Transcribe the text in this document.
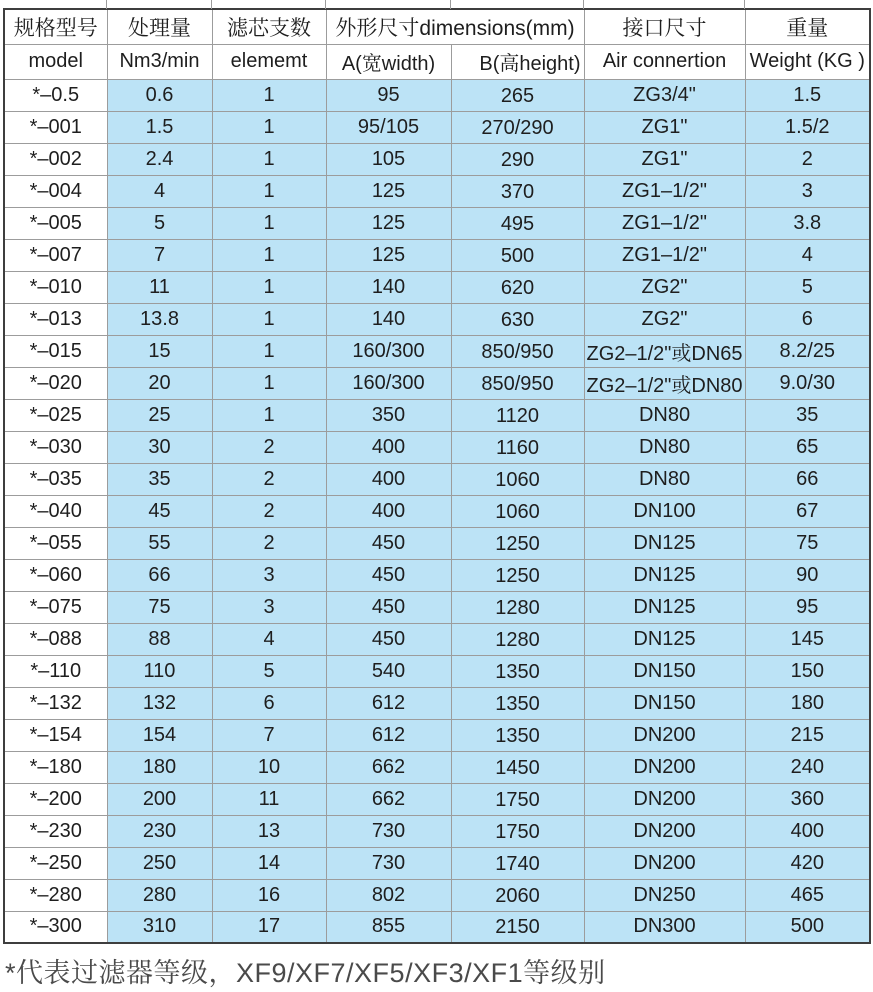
规格型号	处理量	滤芯支数	外形尺寸dimensions(mm)		接口尺寸	重量
model	Nm3/min	elememt	A(宽width)	B(高height)	Air connertion	Weight (KG )
*–0.5	0.6	1	95	265	ZG3/4"	1.5
*–001	1.5	1	95/105	270/290	ZG1"	1.5/2
*–002	2.4	1	105	290	ZG1"	2
*–004	4	1	125	370	ZG1–1/2"	3
*–005	5	1	125	495	ZG1–1/2"	3.8
*–007	7	1	125	500	ZG1–1/2"	4
*–010	11	1	140	620	ZG2"	5
*–013	13.8	1	140	630	ZG2"	6
*–015	15	1	160/300	850/950	ZG2–1/2"或DN65	8.2/25
*–020	20	1	160/300	850/950	ZG2–1/2"或DN80	9.0/30
*–025	25	1	350	1120	DN80	35
*–030	30	2	400	1160	DN80	65
*–035	35	2	400	1060	DN80	66
*–040	45	2	400	1060	DN100	67
*–055	55	2	450	1250	DN125	75
*–060	66	3	450	1250	DN125	90
*–075	75	3	450	1280	DN125	95
*–088	88	4	450	1280	DN125	145
*–110	110	5	540	1350	DN150	150
*–132	132	6	612	1350	DN150	180
*–154	154	7	612	1350	DN200	215
*–180	180	10	662	1450	DN200	240
*–200	200	11	662	1750	DN200	360
*–230	230	13	730	1750	DN200	400
*–250	250	14	730	1740	DN200	420
*–280	280	16	802	2060	DN250	465
*–300	310	17	855	2150	DN300	500
*代表过滤器等级，XF9/XF7/XF5/XF3/XF1等级别
